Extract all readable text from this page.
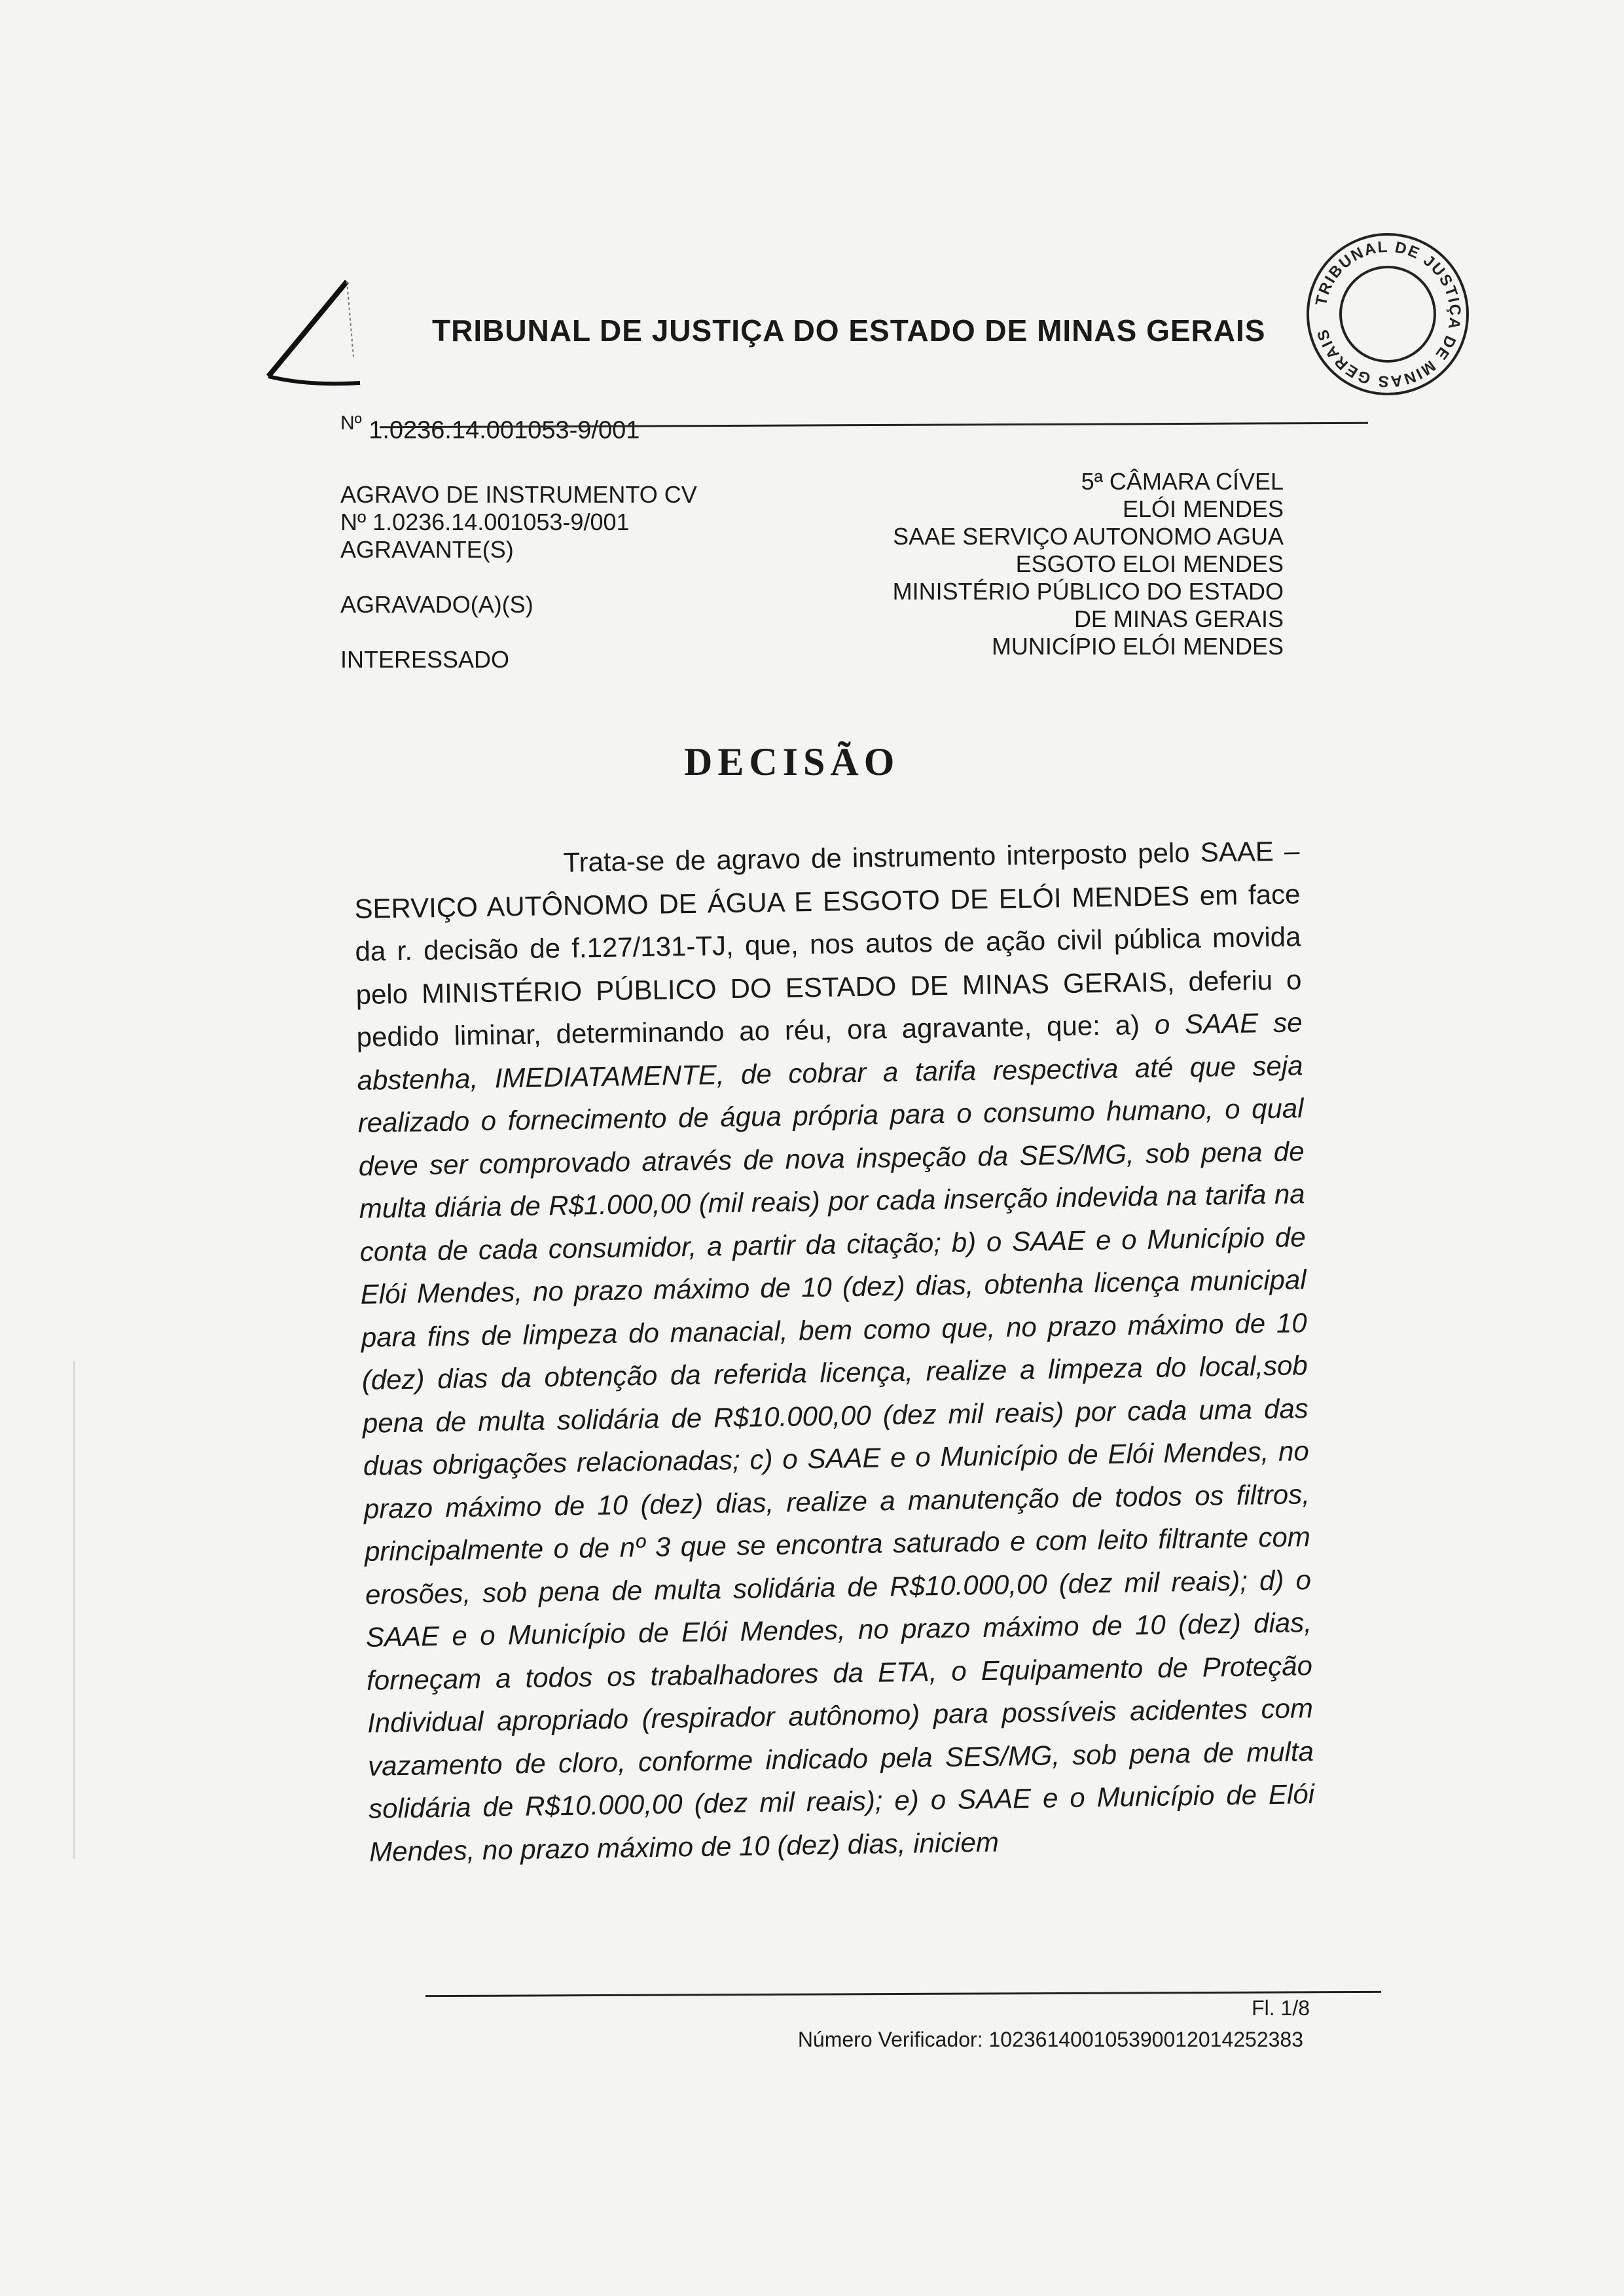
TRIBUNAL DE JUSTIÇA DO ESTADO DE MINAS GERAIS
TRIBUNAL DE JUSTIÇA DE MINAS GERAIS
$^{Nº}$ 1.0236.14.001053-9/001
AGRAVO DE INSTRUMENTO CV
Nº 1.0236.14.001053-9/001
AGRAVANTE(S)

AGRAVADO(A)(S)

INTERESSADO
5ª CÂMARA CÍVEL
ELÓI MENDES
SAAE SERVIÇO AUTONOMO AGUA
ESGOTO ELOI MENDES
MINISTÉRIO PÚBLICO DO ESTADO
DE MINAS GERAIS
MUNICÍPIO ELÓI MENDES
DECISÃO
Trata-se de agravo de instrumento interposto pelo SAAE – SERVIÇO AUTÔNOMO DE ÁGUA E ESGOTO DE ELÓI MENDES em face da r. decisão de f.127/131-TJ, que, nos autos de ação civil pública movida pelo MINISTÉRIO PÚBLICO DO ESTADO DE MINAS GERAIS, deferiu o pedido liminar, determinando ao réu, ora agravante, que: a) o SAAE se abstenha, IMEDIATAMENTE, de cobrar a tarifa respectiva até que seja realizado o fornecimento de água própria para o consumo humano, o qual deve ser comprovado através de nova inspeção da SES/MG, sob pena de multa diária de R$1.000,00 (mil reais) por cada inserção indevida na tarifa na conta de cada consumidor, a partir da citação; b) o SAAE e o Município de Elói Mendes, no prazo máximo de 10 (dez) dias, obtenha licença municipal para fins de limpeza do manacial, bem como que, no prazo máximo de 10 (dez) dias da obtenção da referida licença, realize a limpeza do local,sob pena de multa solidária de R$10.000,00 (dez mil reais) por cada uma das duas obrigações relacionadas; c) o SAAE e o Município de Elói Mendes, no prazo máximo de 10 (dez) dias, realize a manutenção de todos os filtros, principalmente o de nº 3 que se encontra saturado e com leito filtrante com erosões, sob pena de multa solidária de R$10.000,00 (dez mil reais); d) o SAAE e o Município de Elói Mendes, no prazo máximo de 10 (dez) dias, forneçam a todos os trabalhadores da ETA, o Equipamento de Proteção Individual apropriado (respirador autônomo) para possíveis acidentes com vazamento de cloro, conforme indicado pela SES/MG, sob pena de multa solidária de R$10.000,00 (dez mil reais); e) o SAAE e o Município de Elói Mendes, no prazo máximo de 10 (dez) dias, iniciem
Fl. 1/8
Número Verificador: 10236140010539001201425238​3
